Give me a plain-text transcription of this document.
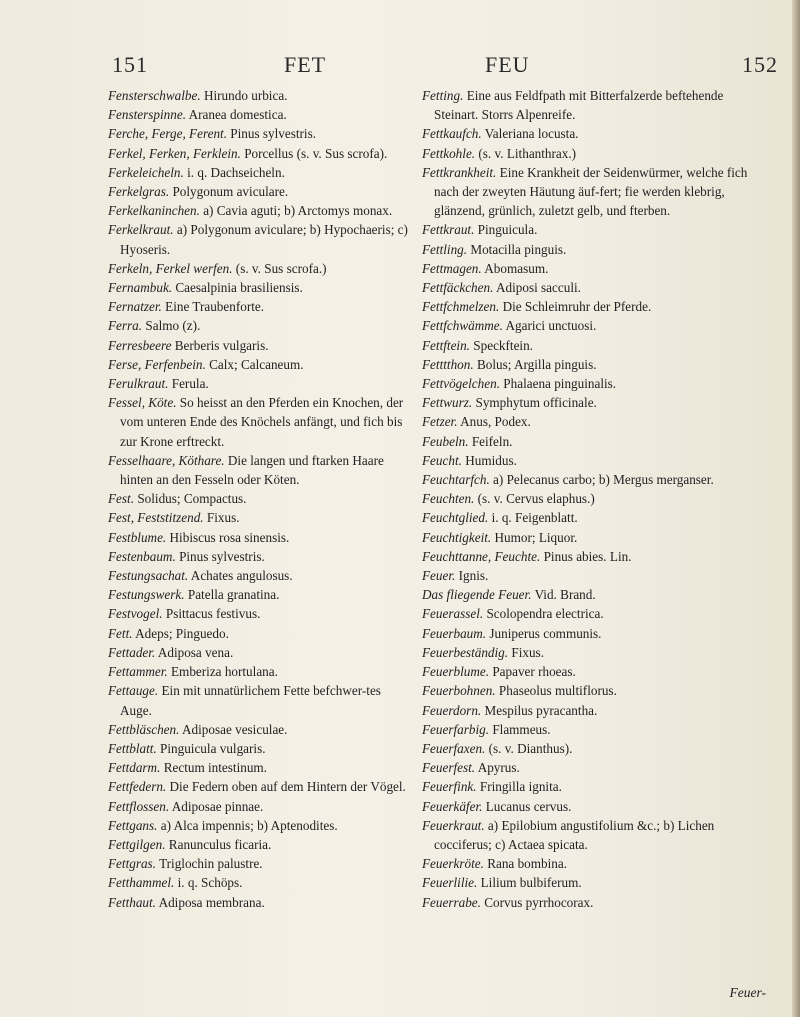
151	FET	FEU	152

Fensterschwalbe. Hirundo urbica.

Fensterspinne. Aranea domestica.

Ferche, Ferge, Ferent. Pinus sylvestris.

Ferkel, Ferken, Ferklein. Porcellus (s. v. Sus scrofa).

Ferkeleicheln. i. q. Dachseicheln.

Ferkelgras. Polygonum aviculare.

Ferkelkaninchen. a) Cavia aguti; b) Arctomys monax.

Ferkelkraut. a) Polygonum aviculare; b) Hypochaeris; c) Hyoseris.

Ferkeln, Ferkel werfen. (s. v. Sus scrofa.)

Fernambuk. Caesalpinia brasiliensis.

Fernatzer. Eine Traubenforte.

Ferra. Salmo (z).

Ferresbeere Berberis vulgaris.

Ferse, Ferfenbein. Calx; Calcaneum.

Ferulkraut. Ferula.

Fessel, Köte. So heisst an den Pferden ein Knochen, der vom unteren Ende des Knöchels anfängt, und fich bis zur Krone erftreckt.

Fesselhaare, Köthare. Die langen und ftarken Haare hinten an den Fesseln oder Köten.

Fest. Solidus; Compactus.

Fest, Feststitzend. Fixus.

Festblume. Hibiscus rosa sinensis.

Festenbaum. Pinus sylvestris.

Festungsachat. Achates angulosus.

Festungswerk. Patella granatina.

Festvogel. Psittacus festivus.

Fett. Adeps; Pinguedo.

Fettader. Adiposa vena.

Fettammer. Emberiza hortulana.

Fettauge. Ein mit unnatürlichem Fette befchwer-tes Auge.

Fettbläschen. Adiposae vesiculae.

Fettblatt. Pinguicula vulgaris.

Fettdarm. Rectum intestinum.

Fettfedern. Die Federn oben auf dem Hintern der Vögel.

Fettflossen. Adiposae pinnae.

Fettgans. a) Alca impennis; b) Aptenodites.

Fettgilgen. Ranunculus ficaria.

Fettgras. Triglochin palustre.

Fetthammel. i. q. Schöps.

Fetthaut. Adiposa membrana.

Fetting. Eine aus Feldfpath mit Bitterfalzerde beftehende Steinart. Storrs Alpenreife.

Fettkaufch. Valeriana locusta.

Fettkohle. (s. v. Lithanthrax.)

Fettkrankheit. Eine Krankheit der Seidenwürmer, welche fich nach der zweyten Häutung äuf-fert; fie werden klebrig, glänzend, grünlich, zuletzt gelb, und fterben.

Fettkraut. Pinguicula.

Fettling. Motacilla pinguis.

Fettmagen. Abomasum.

Fettfäckchen. Adiposi sacculi.

Fettfchmelzen. Die Schleimruhr der Pferde.

Fettfchwämme. Agarici unctuosi.

Fettftein. Speckftein.

Fetttthon. Bolus; Argilla pinguis.

Fettvögelchen. Phalaena pinguinalis.

Fettwurz. Symphytum officinale.

Fetzer. Anus, Podex.

Feubeln. Feifeln.

Feucht. Humidus.

Feuchtarfch. a) Pelecanus carbo; b) Mergus merganser.

Feuchten. (s. v. Cervus elaphus.)

Feuchtglied. i. q. Feigenblatt.

Feuchtigkeit. Humor; Liquor.

Feuchttanne, Feuchte. Pinus abies. Lin.

Feuer. Ignis.

Das fliegende Feuer. Vid. Brand.

Feuerassel. Scolopendra electrica.

Feuerbaum. Juniperus communis.

Feuerbeständig. Fixus.

Feuerblume. Papaver rhoeas.

Feuerbohnen. Phaseolus multiflorus.

Feuerdorn. Mespilus pyracantha.

Feuerfarbig. Flammeus.

Feuerfaxen. (s. v. Dianthus).

Feuerfest. Apyrus.

Feuerfink. Fringilla ignita.

Feuerkäfer. Lucanus cervus.

Feuerkraut. a) Epilobium angustifolium &c.; b) Lichen cocciferus; c) Actaea spicata.

Feuerkröte. Rana bombina.

Feuerlilie. Lilium bulbiferum.

Feuerrabe. Corvus pyrrhocorax.

Feuer-
